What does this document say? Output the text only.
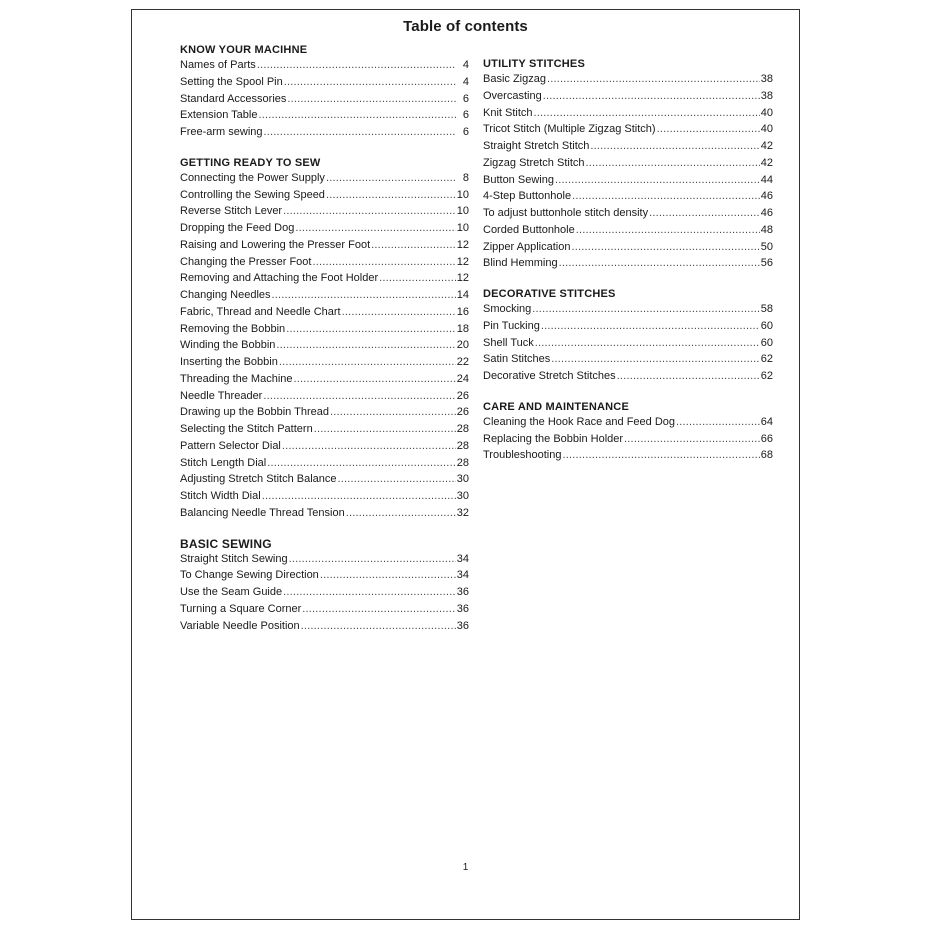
Table of contents
KNOW YOUR MACIHNE
Names of Parts .....	4
Setting the Spool Pin .....	4
Standard Accessories .....	6
Extension Table .....	6
Free-arm sewing .....	6
GETTING READY TO SEW
Connecting the Power Supply .....	8
Controlling the Sewing Speed .....	10
Reverse Stitch Lever .....	10
Dropping the Feed Dog .....	10
Raising and Lowering the Presser Foot .....	12
Changing the Presser Foot .....	12
Removing and Attaching the Foot Holder .....	12
Changing Needles .....	14
Fabric, Thread and Needle Chart .....	16
Removing the Bobbin .....	18
Winding the Bobbin .....	20
Inserting the Bobbin .....	22
Threading the Machine .....	24
Needle Threader .....	26
Drawing up the Bobbin Thread .....	26
Selecting the Stitch Pattern .....	28
Pattern Selector Dial .....	28
Stitch Length Dial .....	28
Adjusting Stretch Stitch Balance .....	30
Stitch Width Dial .....	30
Balancing Needle Thread Tension .....	32
BASIC SEWING
Straight Stitch Sewing .....	34
To Change Sewing Direction .....	34
Use the Seam Guide .....	36
Turning a Square Corner .....	36
Variable Needle Position .....	36
UTILITY STITCHES
Basic Zigzag .....	38
Overcasting .....	38
Knit Stitch .....	40
Tricot Stitch (Multiple Zigzag Stitch) .....	40
Straight Stretch Stitch .....	42
Zigzag Stretch Stitch .....	42
Button Sewing .....	44
4-Step Buttonhole .....	46
To adjust buttonhole stitch density .....	46
Corded Buttonhole .....	48
Zipper Application .....	50
Blind Hemming .....	56
DECORATIVE STITCHES
Smocking .....	58
Pin Tucking .....	60
Shell Tuck .....	60
Satin Stitches .....	62
Decorative Stretch Stitches .....	62
CARE AND MAINTENANCE
Cleaning the Hook Race and Feed Dog .....	64
Replacing the Bobbin Holder .....	66
Troubleshooting .....	68
1
